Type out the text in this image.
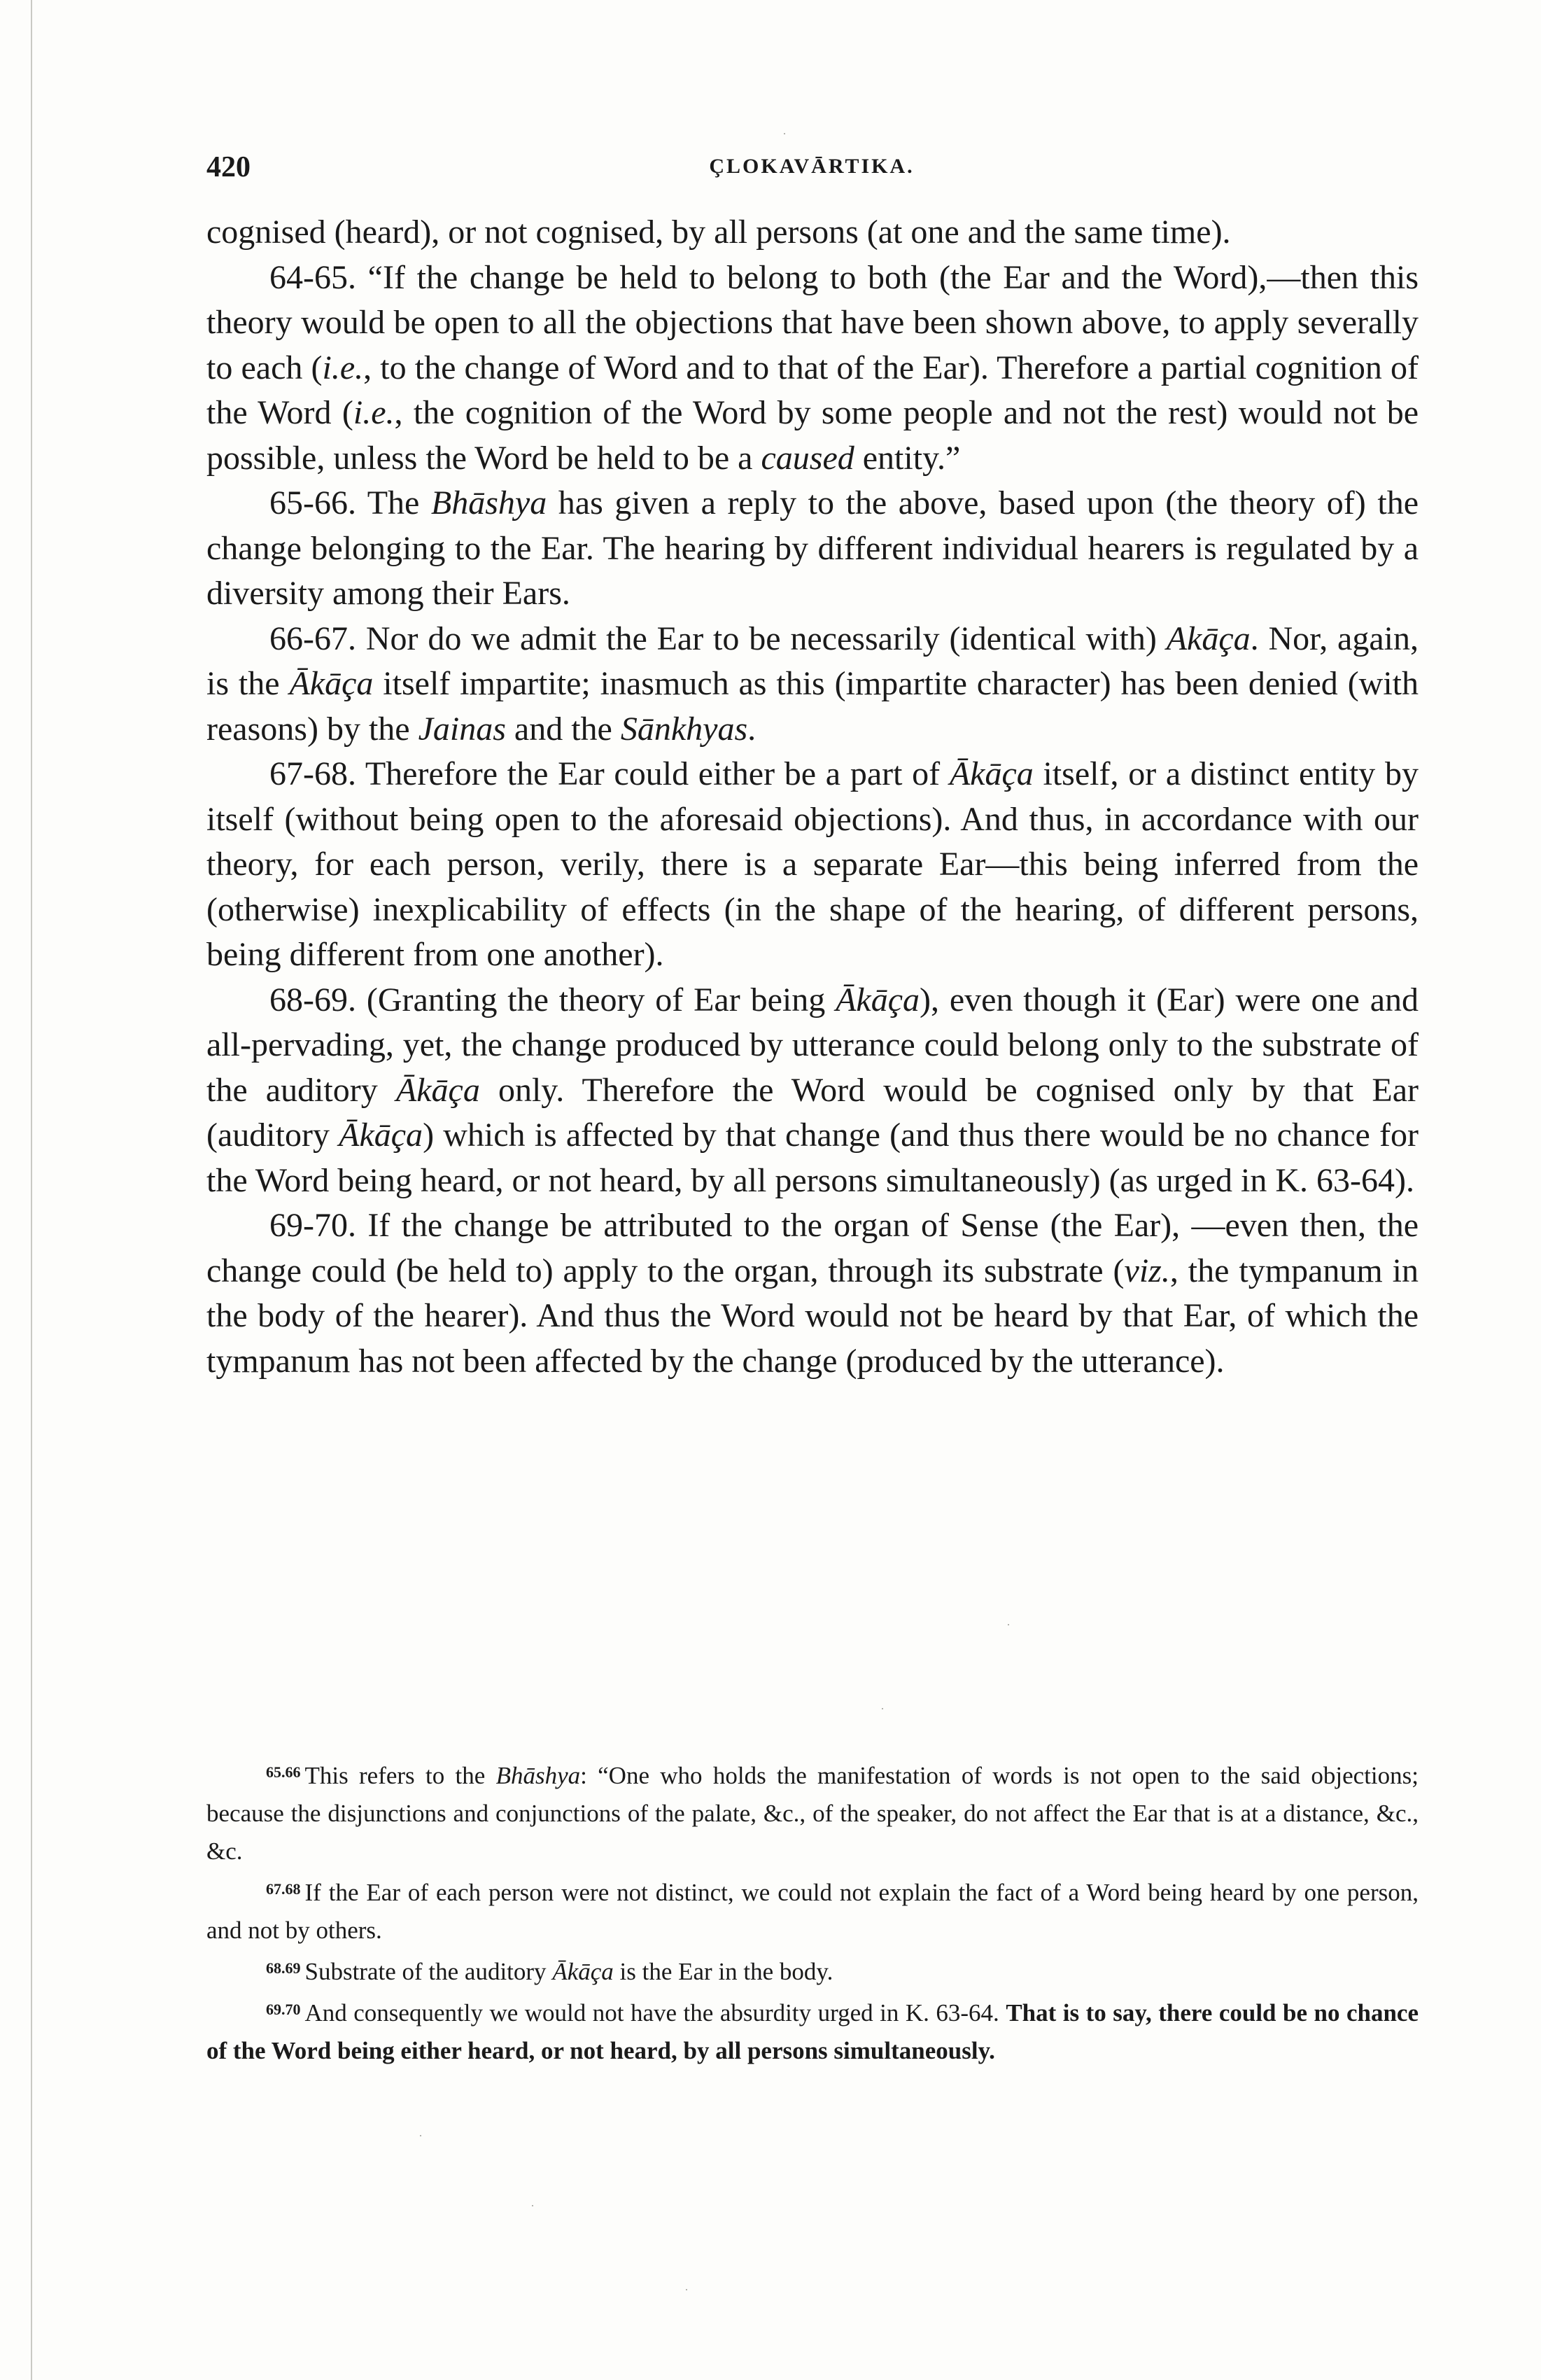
420	ÇLOKAVĀRTIKA.

cognised (heard), or not cognised, by all persons (at one and the same time).

64-65. “If the change be held to belong to both (the Ear and the Word),—then this theory would be open to all the objections that have been shown above, to apply severally to each (i.e., to the change of Word and to that of the Ear). Therefore a partial cognition of the Word (i.e., the cognition of the Word by some people and not the rest) would not be possible, unless the Word be held to be a caused entity.”

65-66. The Bhāshya has given a reply to the above, based upon (the theory of) the change belonging to the Ear. The hearing by different individual hearers is regulated by a diversity among their Ears.

66-67. Nor do we admit the Ear to be necessarily (identical with) Akāça. Nor, again, is the Ākāça itself impartite; inasmuch as this (impartite character) has been denied (with reasons) by the Jainas and the Sānkhyas.

67-68. Therefore the Ear could either be a part of Ākāça itself, or a distinct entity by itself (without being open to the aforesaid objections). And thus, in accordance with our theory, for each person, verily, there is a separate Ear—this being inferred from the (otherwise) inexplicability of effects (in the shape of the hearing, of different persons, being different from one another).

68-69. (Granting the theory of Ear being Ākāça), even though it (Ear) were one and all-pervading, yet, the change produced by utterance could belong only to the substrate of the auditory Ākāça only. Therefore the Word would be cognised only by that Ear (auditory Ākāça) which is affected by that change (and thus there would be no chance for the Word being heard, or not heard, by all persons simultaneously) (as urged in K. 63-64).

69-70. If the change be attributed to the organ of Sense (the Ear), —even then, the change could (be held to) apply to the organ, through its substrate (viz., the tympanum in the body of the hearer). And thus the Word would not be heard by that Ear, of which the tympanum has not been affected by the change (produced by the utterance).

$^{65.66}$ This refers to the Bhāshya: “One who holds the manifestation of words is not open to the said objections; because the disjunctions and conjunctions of the palate, &c., of the speaker, do not affect the Ear that is at a distance, &c., &c.

$^{67.68}$ If the Ear of each person were not distinct, we could not explain the fact of a Word being heard by one person, and not by others.

$^{68.69}$ Substrate of the auditory Ākāça is the Ear in the body.

$^{69.70}$ And consequently we would not have the absurdity urged in K. 63-64. That is to say, there could be no chance of the Word being either heard, or not heard, by all persons simultaneously.
